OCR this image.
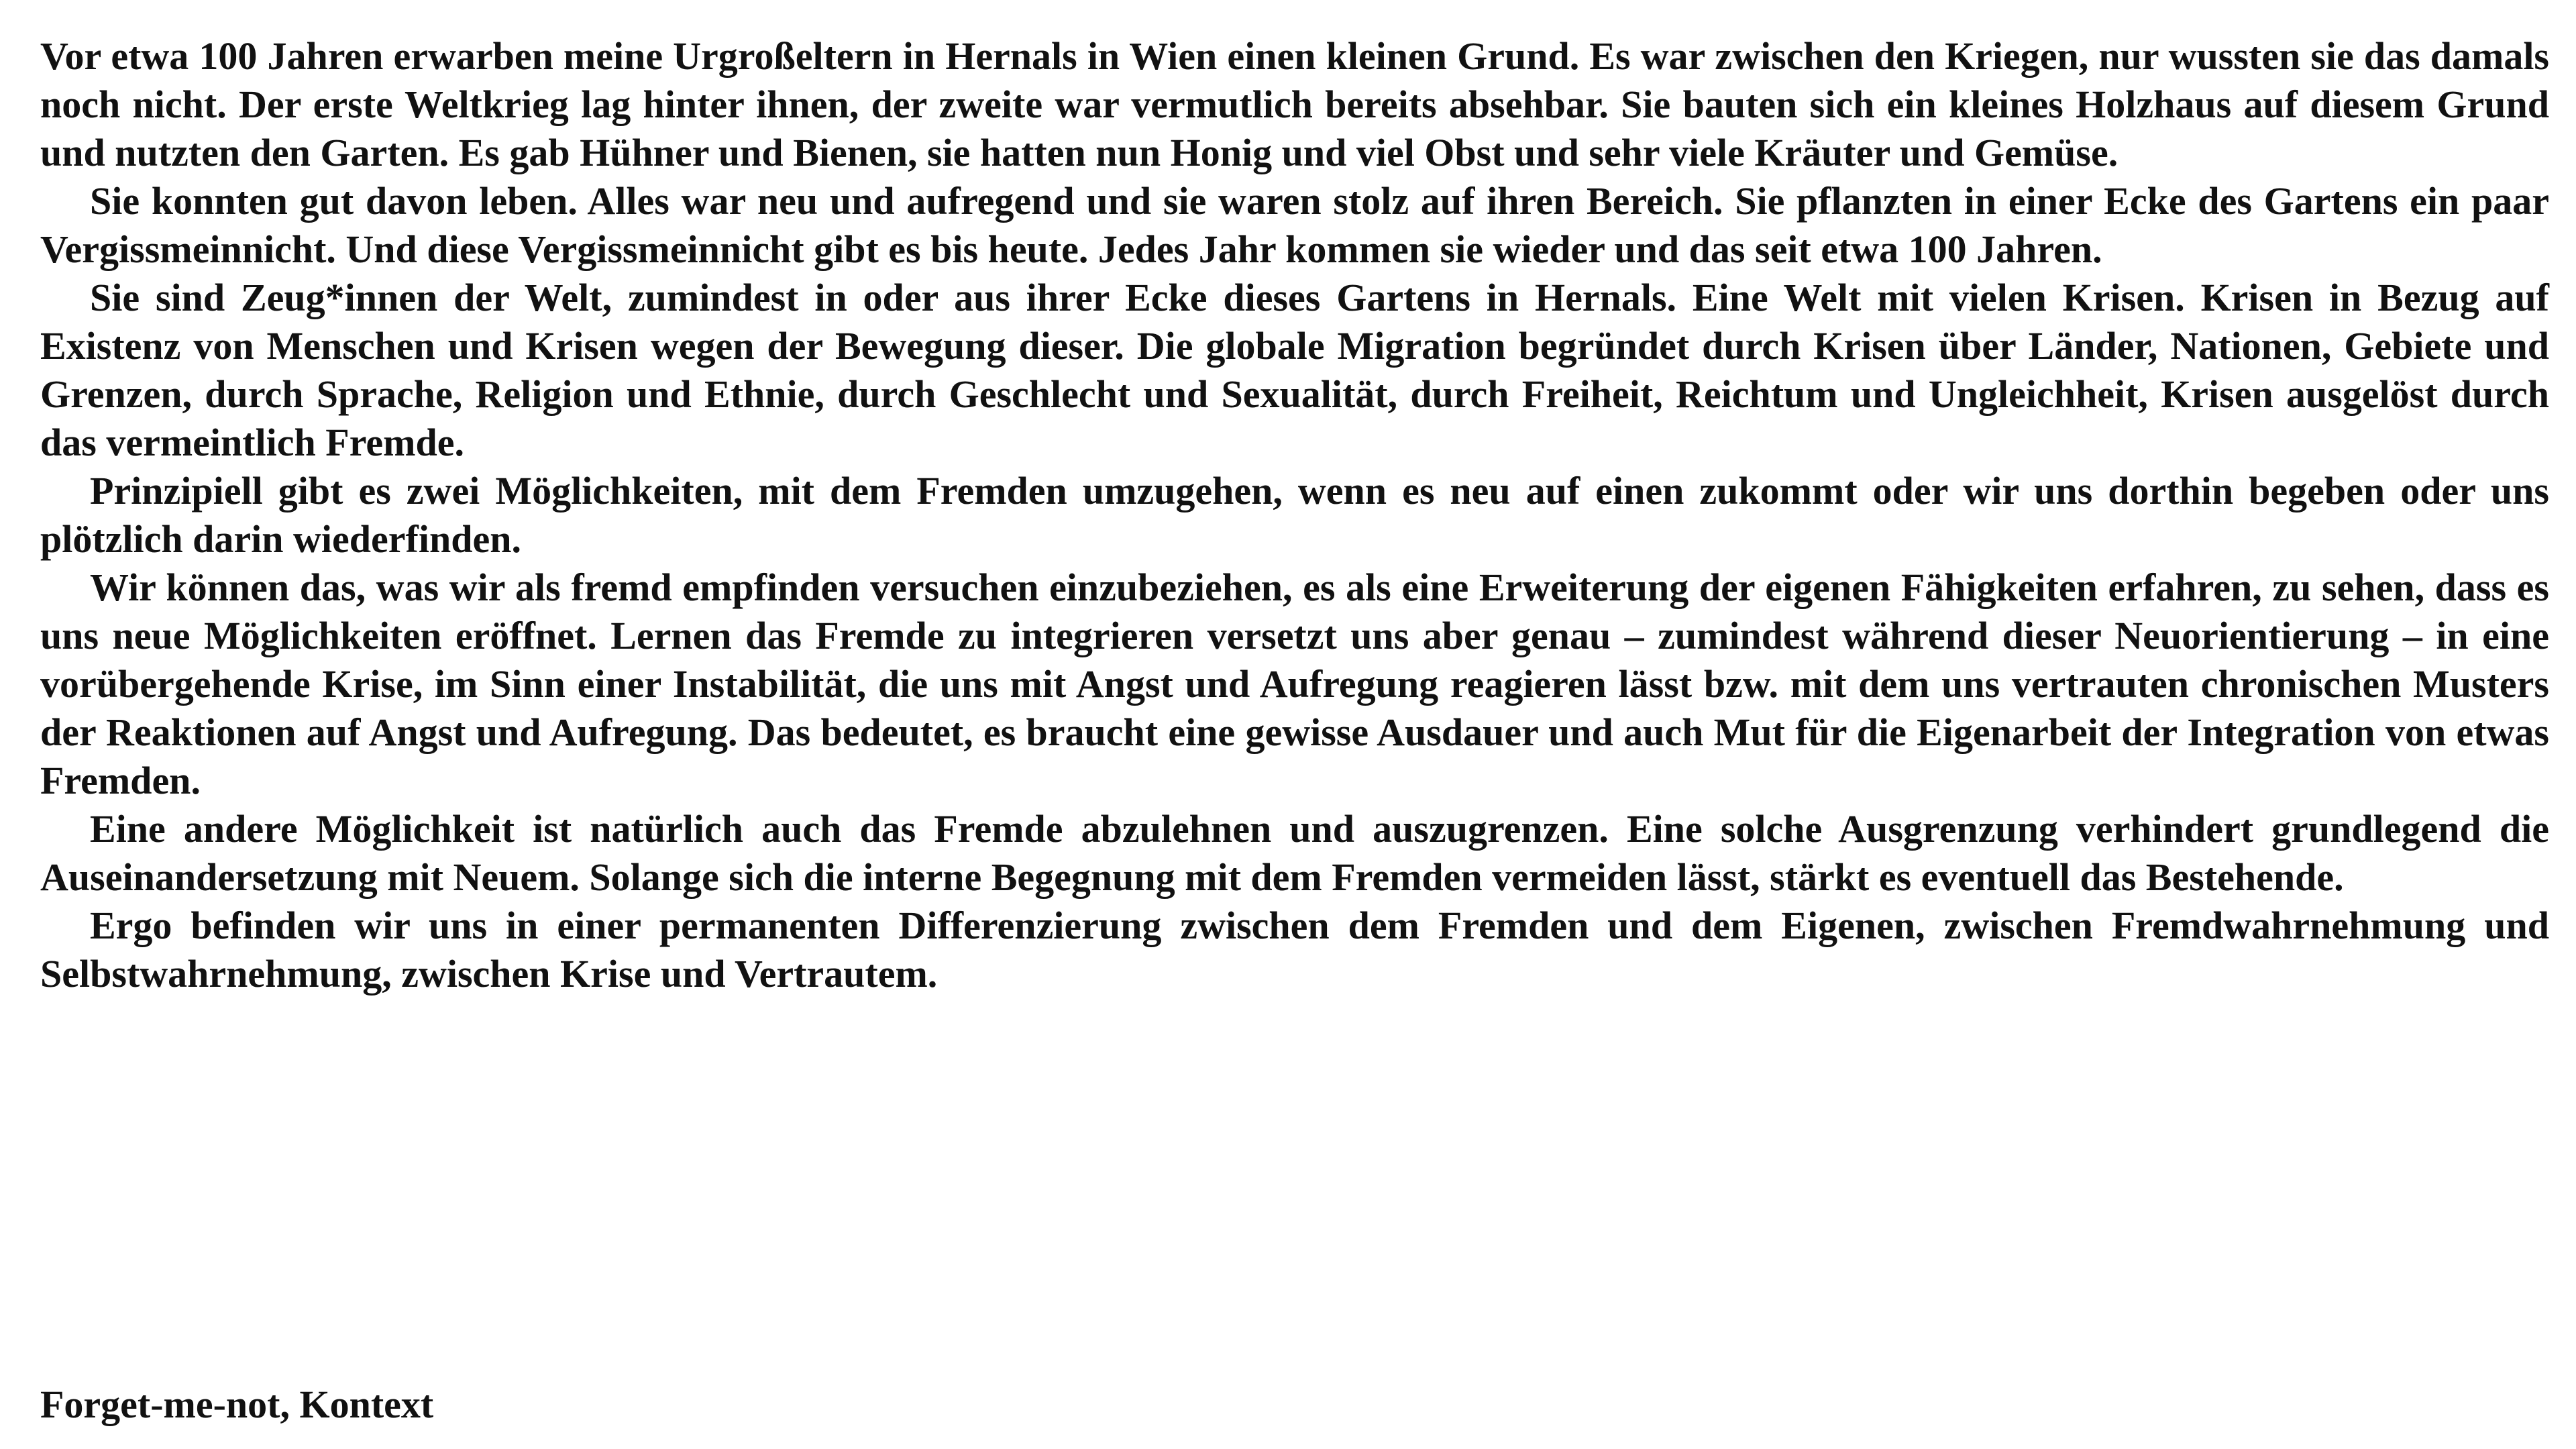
Vor etwa 100 Jahren erwarben meine Urgroßeltern in Hernals in Wien einen kleinen Grund. Es war zwischen den Kriegen, nur wussten sie das damals noch nicht. Der erste Weltkrieg lag hinter ihnen, der zweite war vermutlich bereits absehbar. Sie bauten sich ein kleines Holzhaus auf diesem Grund und nutzten den Garten. Es gab Hühner und Bienen, sie hatten nun Honig und viel Obst und sehr viele Kräuter und Gemüse.

Sie konnten gut davon leben. Alles war neu und aufregend und sie waren stolz auf ihren Bereich. Sie pflanzten in einer Ecke des Gartens ein paar Vergissmeinnicht. Und diese Vergissmeinnicht gibt es bis heute. Jedes Jahr kommen sie wieder und das seit etwa 100 Jahren.

Sie sind Zeug*innen der Welt, zumindest in oder aus ihrer Ecke dieses Gartens in Hernals. Eine Welt mit vielen Krisen. Krisen in Bezug auf Existenz von Menschen und Krisen wegen der Bewegung dieser. Die globale Migration begründet durch Krisen über Länder, Nationen, Gebiete und Grenzen, durch Sprache, Religion und Ethnie, durch Geschlecht und Sexualität, durch Freiheit, Reichtum und Ungleichheit, Krisen ausgelöst durch das vermeintlich Fremde.

Prinzipiell gibt es zwei Möglichkeiten, mit dem Fremden umzugehen, wenn es neu auf einen zukommt oder wir uns dorthin begeben oder uns plötzlich darin wiederfinden.

Wir können das, was wir als fremd empfinden versuchen einzubeziehen, es als eine Erweiterung der eigenen Fähigkeiten erfahren, zu sehen, dass es uns neue Möglichkeiten eröffnet. Lernen das Fremde zu integrieren versetzt uns aber genau – zumindest während dieser Neuorientierung – in eine vorübergehende Krise, im Sinn einer Instabilität, die uns mit Angst und Aufregung reagieren lässt bzw. mit dem uns vertrauten chronischen Musters der Reaktionen auf Angst und Aufregung. Das bedeutet, es braucht eine gewisse Ausdauer und auch Mut für die Eigenarbeit der Integration von etwas Fremden.

Eine andere Möglichkeit ist natürlich auch das Fremde abzulehnen und auszugrenzen. Eine solche Ausgrenzung verhindert grundlegend die Auseinandersetzung mit Neuem. Solange sich die interne Begegnung mit dem Fremden vermeiden lässt, stärkt es eventuell das Bestehende.

Ergo befinden wir uns in einer permanenten Differenzierung zwischen dem Fremden und dem Eigenen, zwischen Fremdwahrnehmung und Selbstwahrnehmung, zwischen Krise und Vertrautem.

Forget-me-not, Kontext
